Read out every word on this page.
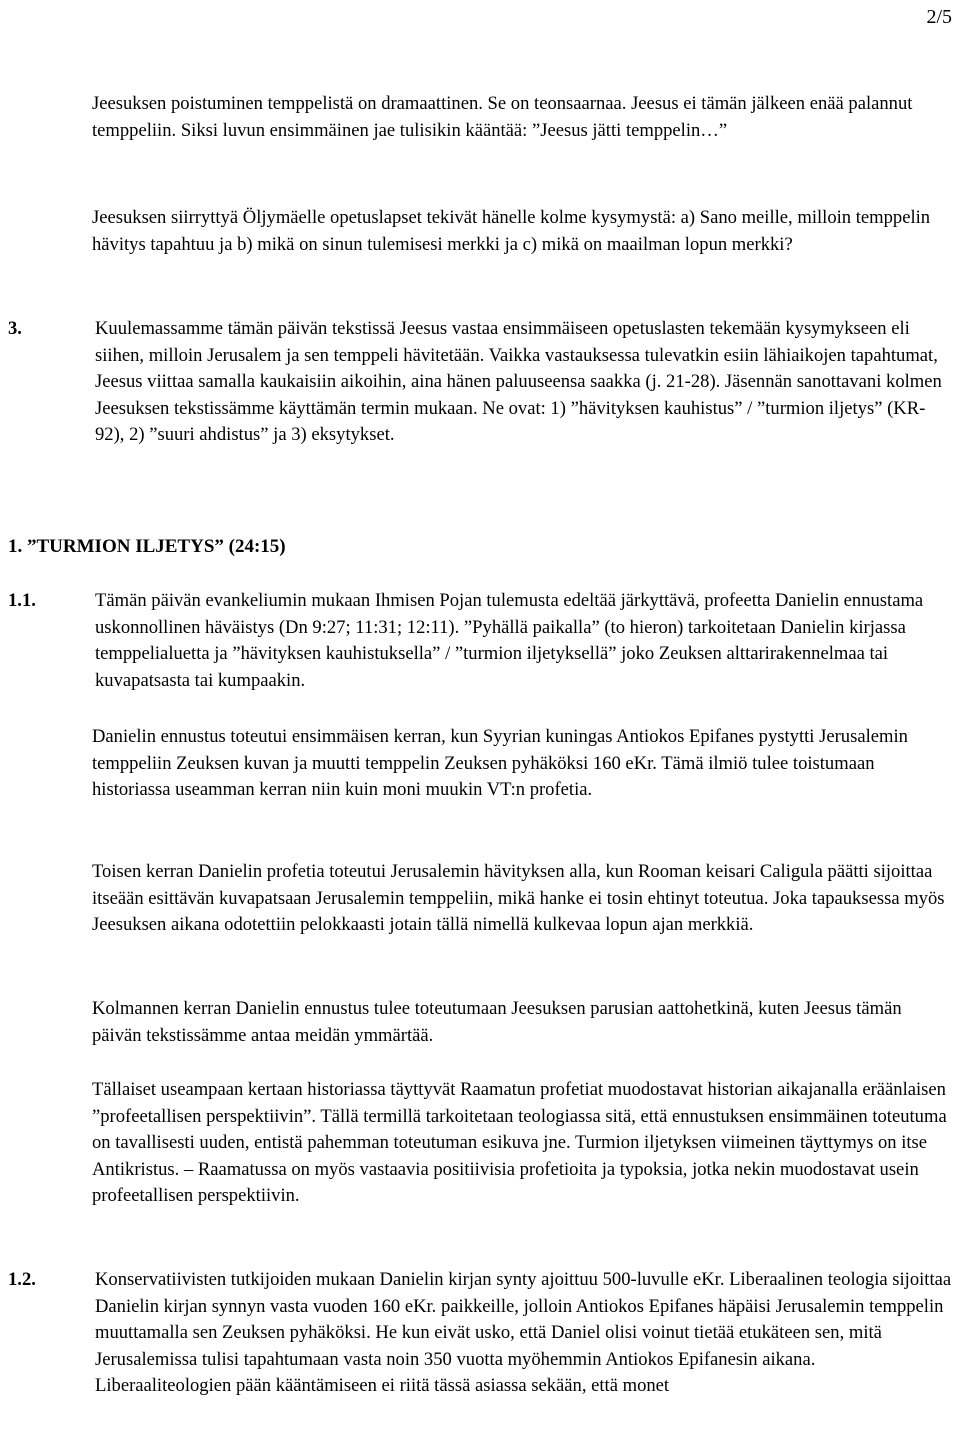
2/5

Jeesuksen poistuminen temppelistä on dramaattinen. Se on teonsaarnaa. Jeesus ei tämän jälkeen enää palannut temppeliin. Siksi luvun ensimmäinen jae tulisikin kääntää: ”Jeesus jätti temppelin…”

Jeesuksen siirryttyä Öljymäelle opetuslapset tekivät hänelle kolme kysymystä: a) Sano meille, milloin temppelin hävitys tapahtuu ja b) mikä on sinun tulemisesi merkki ja c) mikä on maailman lopun merkki?

3.	Kuulemassamme tämän päivän tekstissä Jeesus vastaa ensimmäiseen opetuslasten tekemään kysymykseen eli siihen, milloin Jerusalem ja sen temppeli hävitetään. Vaikka vastauksessa tulevatkin esiin lähiaikojen tapahtumat, Jeesus viittaa samalla kaukaisiin aikoihin, aina hänen paluuseensa saakka (j. 21-28). Jäsennän sanottavani kolmen Jeesuksen tekstissämme käyttämän termin mukaan. Ne ovat: 1) ”hävityksen kauhistus” / ”turmion iljetys” (KR-92), 2) ”suuri ahdistus” ja 3) eksytykset.
1. ”TURMION ILJETYS” (24:15)
1.1.	Tämän päivän evankeliumin mukaan Ihmisen Pojan tulemusta edeltää järkyttävä, profeetta Danielin ennustama uskonnollinen häväistys (Dn 9:27; 11:31; 12:11). ”Pyhällä paikalla” (to hieron) tarkoitetaan Danielin kirjassa temppelialuetta ja ”hävityksen kauhistuksella” / ”turmion iljetyksellä” joko Zeuksen alttarirakennelmaa tai kuvapatsasta tai kumpaakin.

Danielin ennustus toteutui ensimmäisen kerran, kun Syyrian kuningas Antiokos Epifanes pystytti Jerusalemin temppeliin Zeuksen kuvan ja muutti temppelin Zeuksen pyhäköksi 160 eKr. Tämä ilmiö tulee toistumaan historiassa useamman kerran niin kuin moni muukin VT:n profetia.

Toisen kerran Danielin profetia toteutui Jerusalemin hävityksen alla, kun Rooman keisari Caligula päätti sijoittaa itseään esittävän kuvapatsaan Jerusalemin temppeliin, mikä hanke ei tosin ehtinyt toteutua. Joka tapauksessa myös Jeesuksen aikana odotettiin pelokkaasti jotain tällä nimellä kulkevaa lopun ajan merkkiä.

Kolmannen kerran Danielin ennustus tulee toteutumaan Jeesuksen parusian aattohetkinä, kuten Jeesus tämän päivän tekstissämme antaa meidän ymmärtää.

Tällaiset useampaan kertaan historiassa täyttyvät Raamatun profetiat muodostavat historian aikajanalla eräänlaisen ”profeetallisen perspektiivin”. Tällä termillä tarkoitetaan teologiassa sitä, että ennustuksen ensimmäinen toteutuma on tavallisesti uuden, entistä pahemman toteutuman esikuva jne. Turmion iljetyksen viimeinen täyttymys on itse Antikristus. – Raamatussa on myös vastaavia positiivisia profetioita ja typoksia, jotka nekin muodostavat usein profeetallisen perspektiivin.

1.2.	Konservatiivisten tutkijoiden mukaan Danielin kirjan synty ajoittuu 500-luvulle eKr. Liberaalinen teologia sijoittaa Danielin kirjan synnyn vasta vuoden 160 eKr. paikkeille, jolloin Antiokos Epifanes häpäisi Jerusalemin temppelin muuttamalla sen Zeuksen pyhäköksi. He kun eivät usko, että Daniel olisi voinut tietää etukäteen sen, mitä Jerusalemissa tulisi tapahtumaan vasta noin 350 vuotta myöhemmin Antiokos Epifanesin aikana. Liberaaliteologien pään kääntämiseen ei riitä tässä asiassa sekään, että monet
